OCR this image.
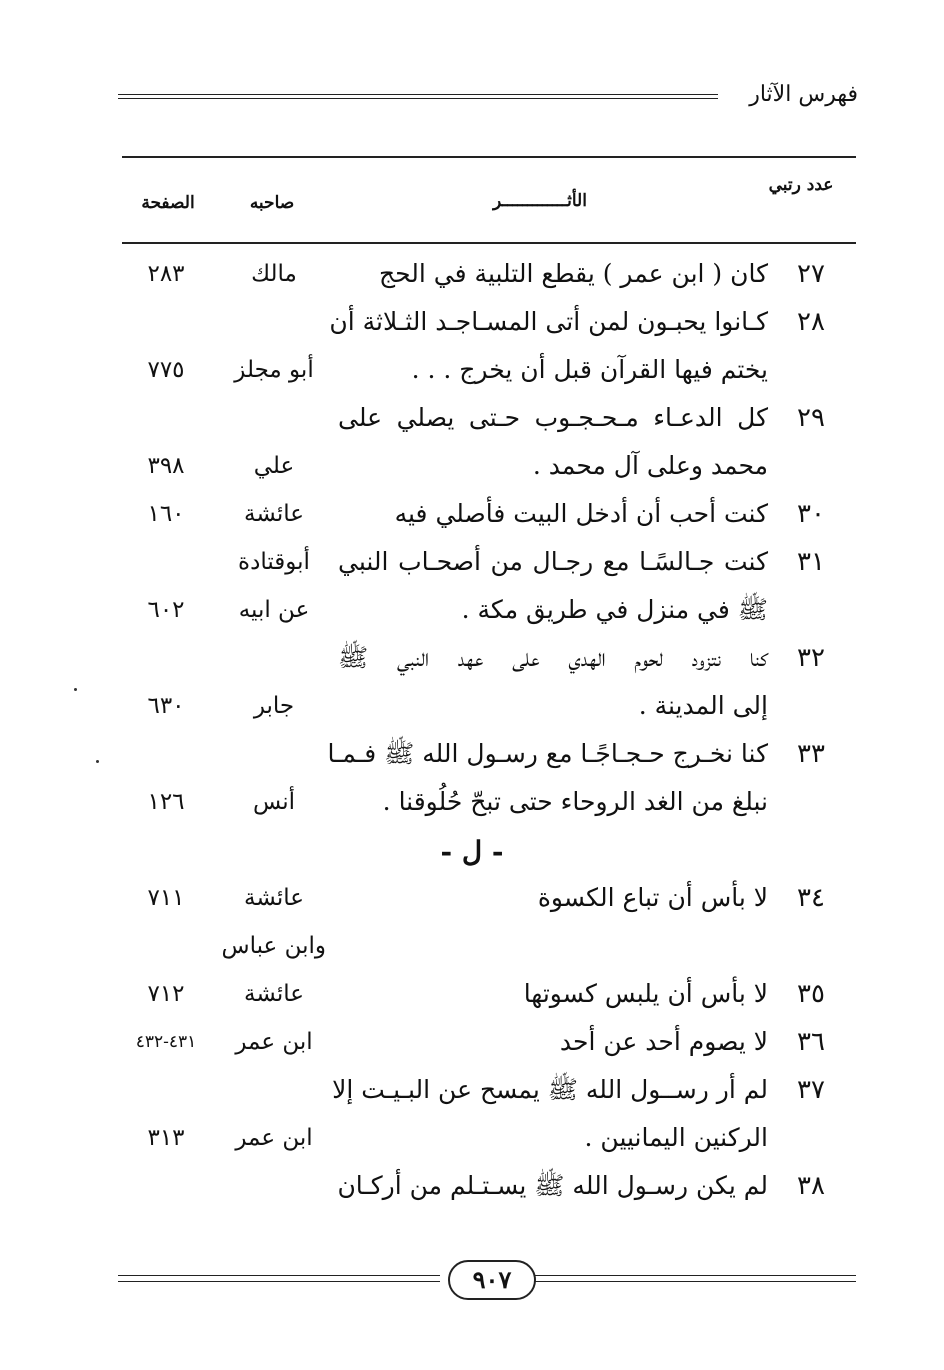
فهرس الآثار
عدد رتبي
الأثـــــــــــــر
صاحبه
الصفحة
٢٧
كان ( ابن عمر ) يقطع التلبية في الحج
مالك
٢٨٣
٢٨
كـانوا يحبـون لمن أتى المسـاجـد الثـلاثة أن
يختم فيها القرآن قبل أن يخرج . . .
أبو مجلز
٧٧٥
٢٩
كل الدعـاء مـحـجـوب حـتى يصلي على
محمد وعلى آل محمد .
علي
٣٩٨
٣٠
كنت أحب أن أدخل البيت فأصلي فيه
عائشة
١٦٠
٣١
كنت جـالسًـا مع رجـال من أصحـاب النبي
أبوقتادة
ﷺ في منزل في طريق مكة .
عن ابيه
٦٠٢
٣٢
كنا نتزود لحوم الهدي على عهد النبي ﷺ
إلى المدينة .
جابر
٦٣٠
٣٣
كنا نخـرج حـجـاجًـا مع رسـول الله ﷺ فـمـا
نبلغ من الغد الروحاء حتى تبحّ حُلُوقنا .
أنس
١٢٦
- ل -
٣٤
لا بأس أن تباع الكسوة
عائشة
٧١١
وابن عباس
٣٥
لا بأس أن يلبس كسوتها
عائشة
٧١٢
٣٦
لا يصوم أحد عن أحد
ابن عمر
٤٣١-٤٣٢
٣٧
لم أر رســول الله ﷺ يمسح عن البـيـت إلا
الركنين اليمانيين .
ابن عمر
٣١٣
٣٨
لم يكن رسـول الله ﷺ يسـتـلم من أركـان
٩٠٧
